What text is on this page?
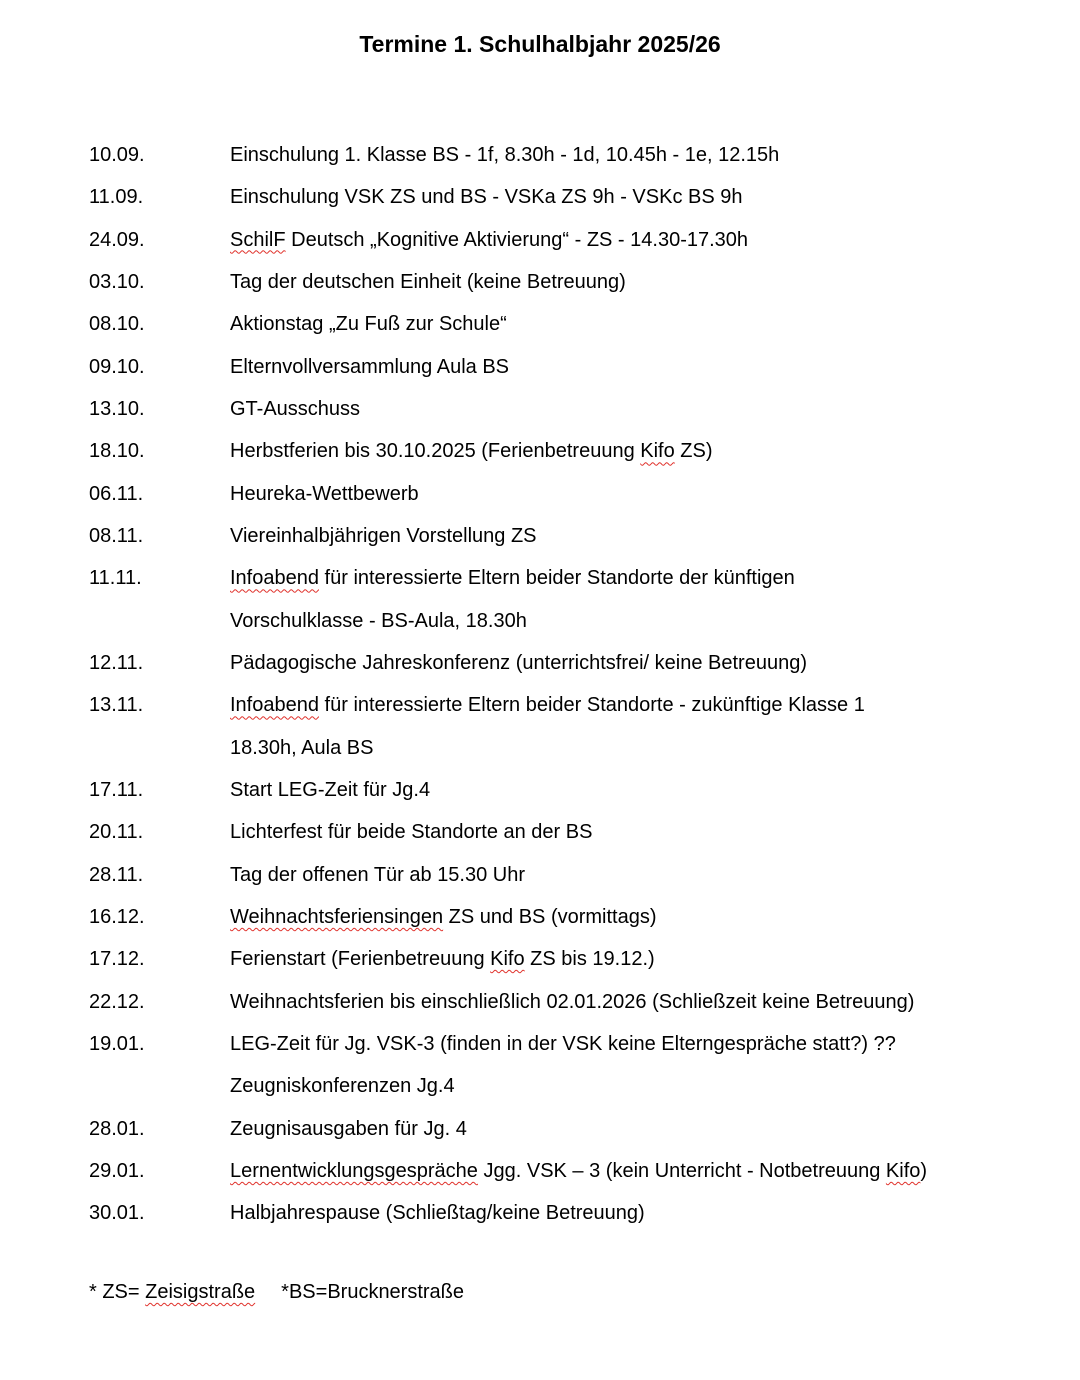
Termine 1. Schulhalbjahr 2025/26
10.09.	Einschulung 1. Klasse BS - 1f, 8.30h - 1d, 10.45h - 1e, 12.15h
11.09.	Einschulung VSK ZS und BS - VSKa ZS 9h - VSKc BS 9h
24.09.	SchilF Deutsch „Kognitive Aktivierung“ - ZS - 14.30-17.30h
03.10.	Tag der deutschen Einheit (keine Betreuung)
08.10.	Aktionstag „Zu Fuß zur Schule“
09.10.	Elternvollversammlung Aula BS
13.10.	GT-Ausschuss
18.10.	Herbstferien bis 30.10.2025 (Ferienbetreuung Kifo ZS)
06.11.	Heureka-Wettbewerb
08.11.	Viereinhalbjährigen Vorstellung ZS
11.11.	Infoabend für interessierte Eltern beider Standorte der künftigen
Vorschulklasse - BS-Aula, 18.30h
12.11.	Pädagogische Jahreskonferenz (unterrichtsfrei/ keine Betreuung)
13.11.	Infoabend für interessierte Eltern beider Standorte - zukünftige Klasse 1
18.30h, Aula BS
17.11.	Start LEG-Zeit für Jg.4
20.11.	Lichterfest für beide Standorte an der BS
28.11.	Tag der offenen Tür ab 15.30 Uhr
16.12.	Weihnachtsferiensingen ZS und BS (vormittags)
17.12.	Ferienstart (Ferienbetreuung Kifo ZS bis 19.12.)
22.12.	Weihnachtsferien bis einschließlich 02.01.2026 (Schließzeit keine Betreuung)
19.01.	LEG-Zeit für Jg. VSK-3 (finden in der VSK keine Elterngespräche statt?) ??
Zeugniskonferenzen Jg.4
28.01.	Zeugnisausgaben für Jg. 4
29.01.	Lernentwicklungsgespräche Jgg. VSK – 3 (kein Unterricht - Notbetreuung Kifo)
30.01.	Halbjahrespause (Schließtag/keine Betreuung)
* ZS= Zeisigstraße *BS=Brucknerstraße
